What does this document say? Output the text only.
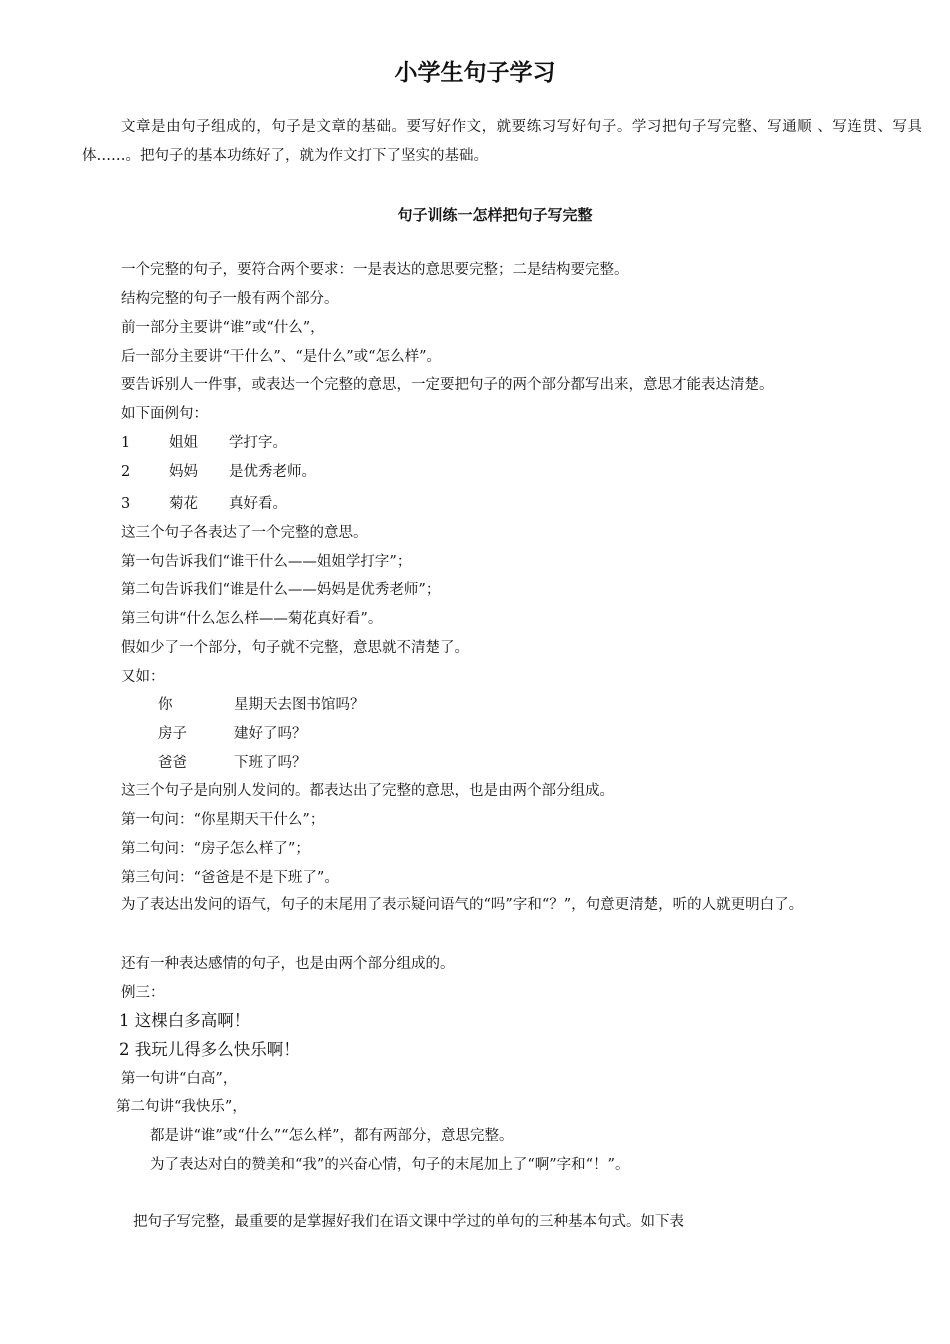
小学生句子学习
文章是由句子组成的，句子是文章的基础。要写好作文，就要练习写好句子。学习把句子写完整、写通顺 、写连贯、写具体……。把句子的基本功练好了，就为作文打下了坚实的基础。
句子训练一怎样把句子写完整
一个完整的句子，要符合两个要求：一是表达的意思要完整；二是结构要完整。
结构完整的句子一般有两个部分。
前一部分主要讲“谁”或“什么”，
后一部分主要讲“干什么”、“是什么”或“怎么样”。
要告诉别人一件事，或表达一个完整的意思，一定要把句子的两个部分都写出来，意思才能表达清楚。
如下面例句：
1	姐姐 学打字。
2	妈妈 是优秀老师。
3	菊花 真好看。
这三个句子各表达了一个完整的意思。
第一句告诉我们“谁干什么——姐姐学打字”；
第二句告诉我们“谁是什么——妈妈是优秀老师”；
第三句讲“什么怎么样——菊花真好看”。
假如少了一个部分，句子就不完整，意思就不清楚了。
又如：
你	星期天去图书馆吗？
房子	建好了吗？
爸爸	下班了吗？
这三个句子是向别人发问的。都表达出了完整的意思，也是由两个部分组成。
第一句问：“你星期天干什么”；
第二句问：“房子怎么样了”；
第三句问：“爸爸是不是下班了”。
为了表达出发问的语气，句子的末尾用了表示疑问语气的“吗”字和“？”，句意更清楚，听的人就更明白了。
还有一种表达感情的句子，也是由两个部分组成的。
例三：
1 这棵白多高啊！
2 我玩儿得多么快乐啊！
第一句讲“白高”，
第二句讲“我快乐”，
都是讲“谁”或“什么”“怎么样”，都有两部分，意思完整。
为了表达对白的赞美和“我”的兴奋心情，句子的末尾加上了“啊”字和“！”。
把句子写完整，最重要的是掌握好我们在语文课中学过的单句的三种基本句式。如下表
